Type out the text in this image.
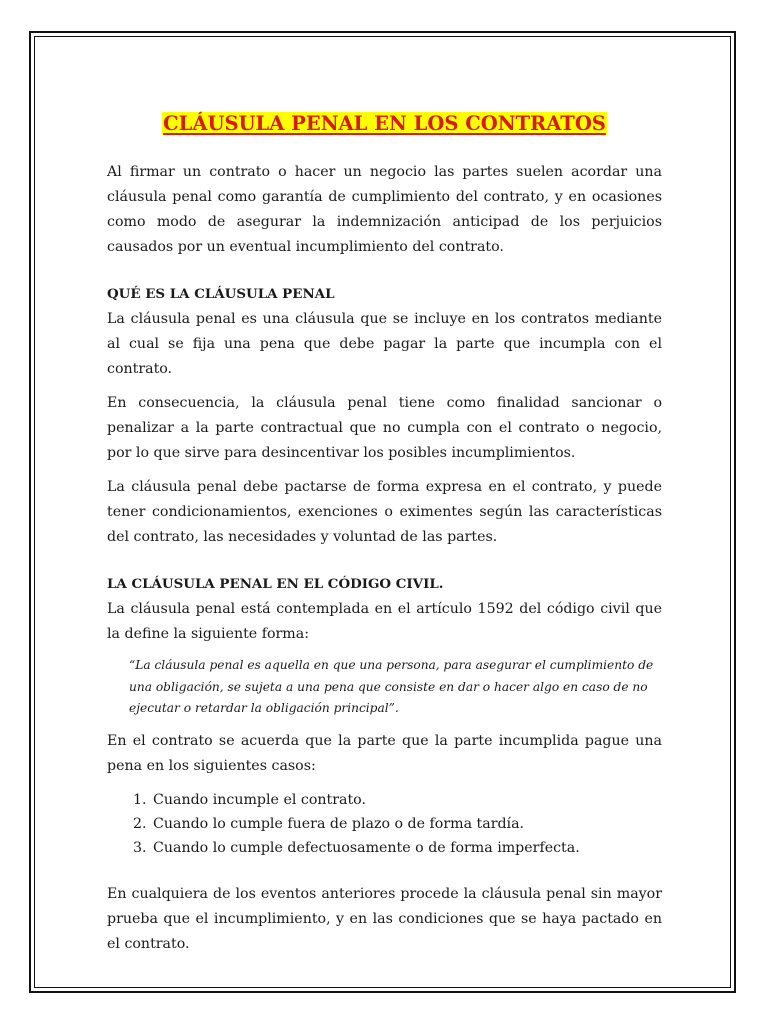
CLÁUSULA PENAL EN LOS CONTRATOS

Al firmar un contrato o hacer un negocio las partes suelen acordar una cláusula penal como garantía de cumplimiento del contrato, y en ocasiones como modo de asegurar la indemnización anticipad de los perjuicios causados por un eventual incumplimiento del contrato.

QUÉ ES LA CLÁUSULA PENAL

La cláusula penal es una cláusula que se incluye en los contratos mediante al cual se fija una pena que debe pagar la parte que incumpla con el contrato.

En consecuencia, la cláusula penal tiene como finalidad sancionar o penalizar a la parte contractual que no cumpla con el contrato o negocio, por lo que sirve para desincentivar los posibles incumplimientos.

La cláusula penal debe pactarse de forma expresa en el contrato, y puede tener condicionamientos, exenciones o eximentes según las características del contrato, las necesidades y voluntad de las partes.

LA CLÁUSULA PENAL EN EL CÓDIGO CIVIL.

La cláusula penal está contemplada en el artículo 1592 del código civil que la define la siguiente forma:

“La cláusula penal es aquella en que una persona, para asegurar el cumplimiento de una obligación, se sujeta a una pena que consiste en dar o hacer algo en caso de no ejecutar o retardar la obligación principal”.

En el contrato se acuerda que la parte que la parte incumplida pague una pena en los siguientes casos:

1. Cuando incumple el contrato.
2. Cuando lo cumple fuera de plazo o de forma tardía.
3. Cuando lo cumple defectuosamente o de forma imperfecta.

En cualquiera de los eventos anteriores procede la cláusula penal sin mayor prueba que el incumplimiento, y en las condiciones que se haya pactado en el contrato.
